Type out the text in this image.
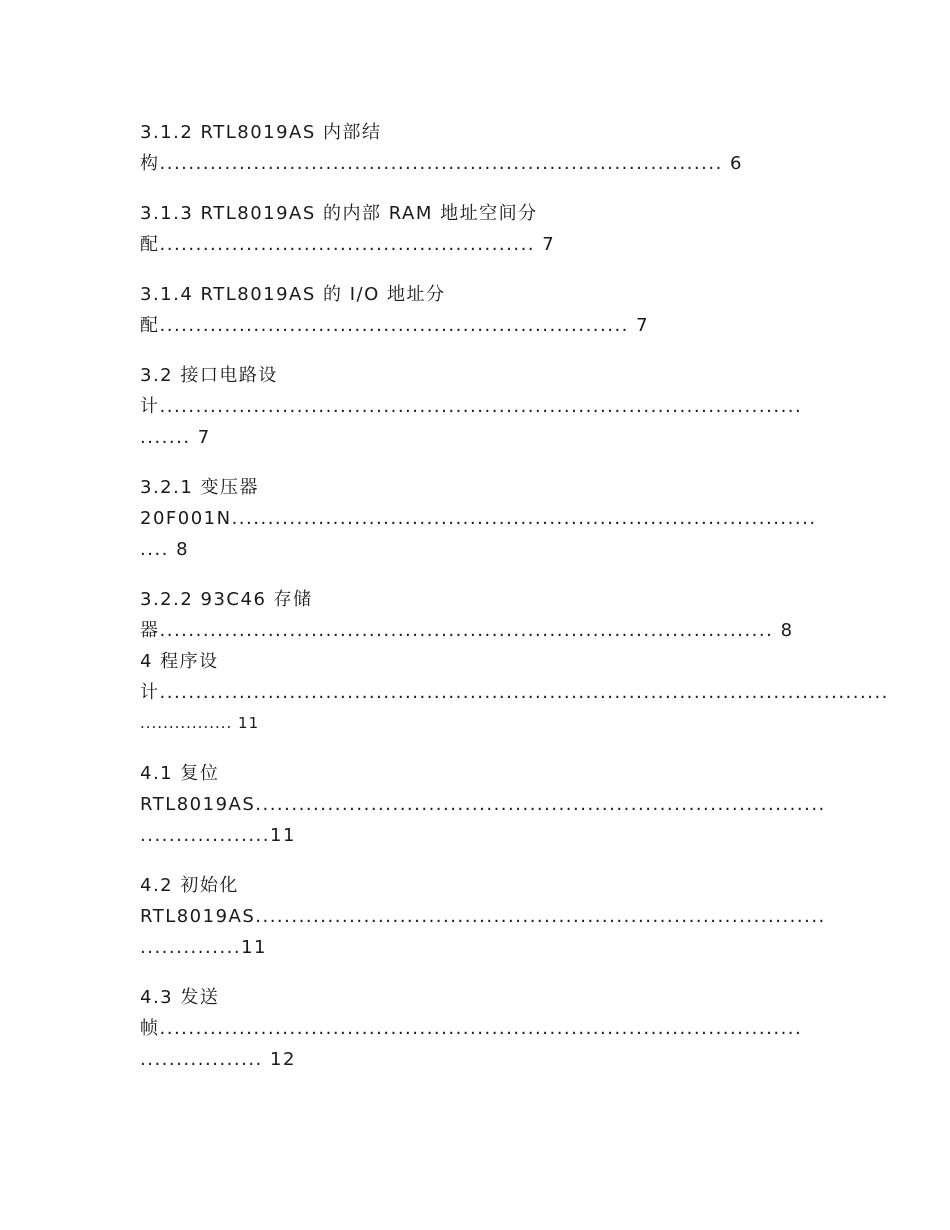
3.1.2 RTL8019AS 内部结
构.............................................................................. 6
3.1.3 RTL8019AS 的内部 RAM 地址空间分
配.................................................... 7
3.1.4 RTL8019AS 的 I/O 地址分
配................................................................. 7
3.2 接口电路设
计.........................................................................................
....... 7
3.2.1 变压器
20F001N.................................................................................
.... 8
3.2.2 93C46 存储
器..................................................................................... 8
4 程序设
计.....................................................................................................
................ 11
4.1 复位
RTL8019AS...............................................................................
..................11
4.2 初始化
RTL8019AS...............................................................................
..............11
4.3 发送
帧.........................................................................................
................. 12
